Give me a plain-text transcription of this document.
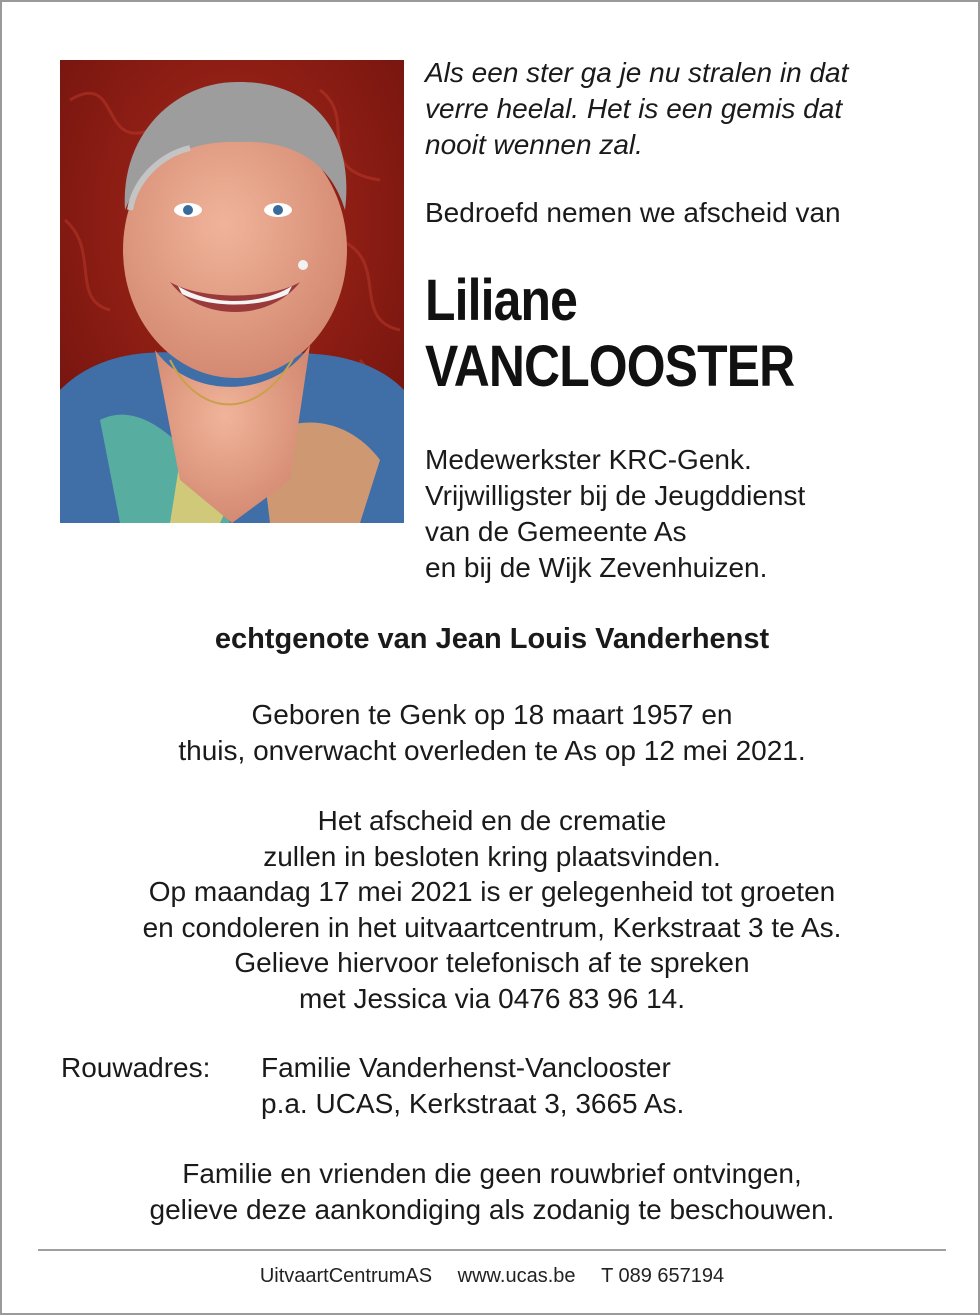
Als een ster ga je nu stralen in dat
verre heelal. Het is een gemis dat
nooit wennen zal.

Bedroefd nemen we afscheid van

Liliane
VANCLOOSTER

Medewerkster KRC-Genk.
Vrijwilligster bij de Jeugddienst
van de Gemeente As
en bij de Wijk Zevenhuizen.

echtgenote van Jean Louis Vanderhenst

Geboren te Genk op 18 maart 1957 en
thuis, onverwacht overleden te As op 12 mei 2021.

Het afscheid en de crematie
zullen in besloten kring plaatsvinden.
Op maandag 17 mei 2021 is er gelegenheid tot groeten
en condoleren in het uitvaartcentrum, Kerkstraat 3 te As.
Gelieve hiervoor telefonisch af te spreken
met Jessica via 0476 83 96 14.

Rouwadres: Familie Vanderhenst-Vanclooster
p.a. UCAS, Kerkstraat 3, 3665 As.

Familie en vrienden die geen rouwbrief ontvingen,
gelieve deze aankondiging als zodanig te beschouwen.

UitvaartCentrumAS www.ucas.be T 089 657194
